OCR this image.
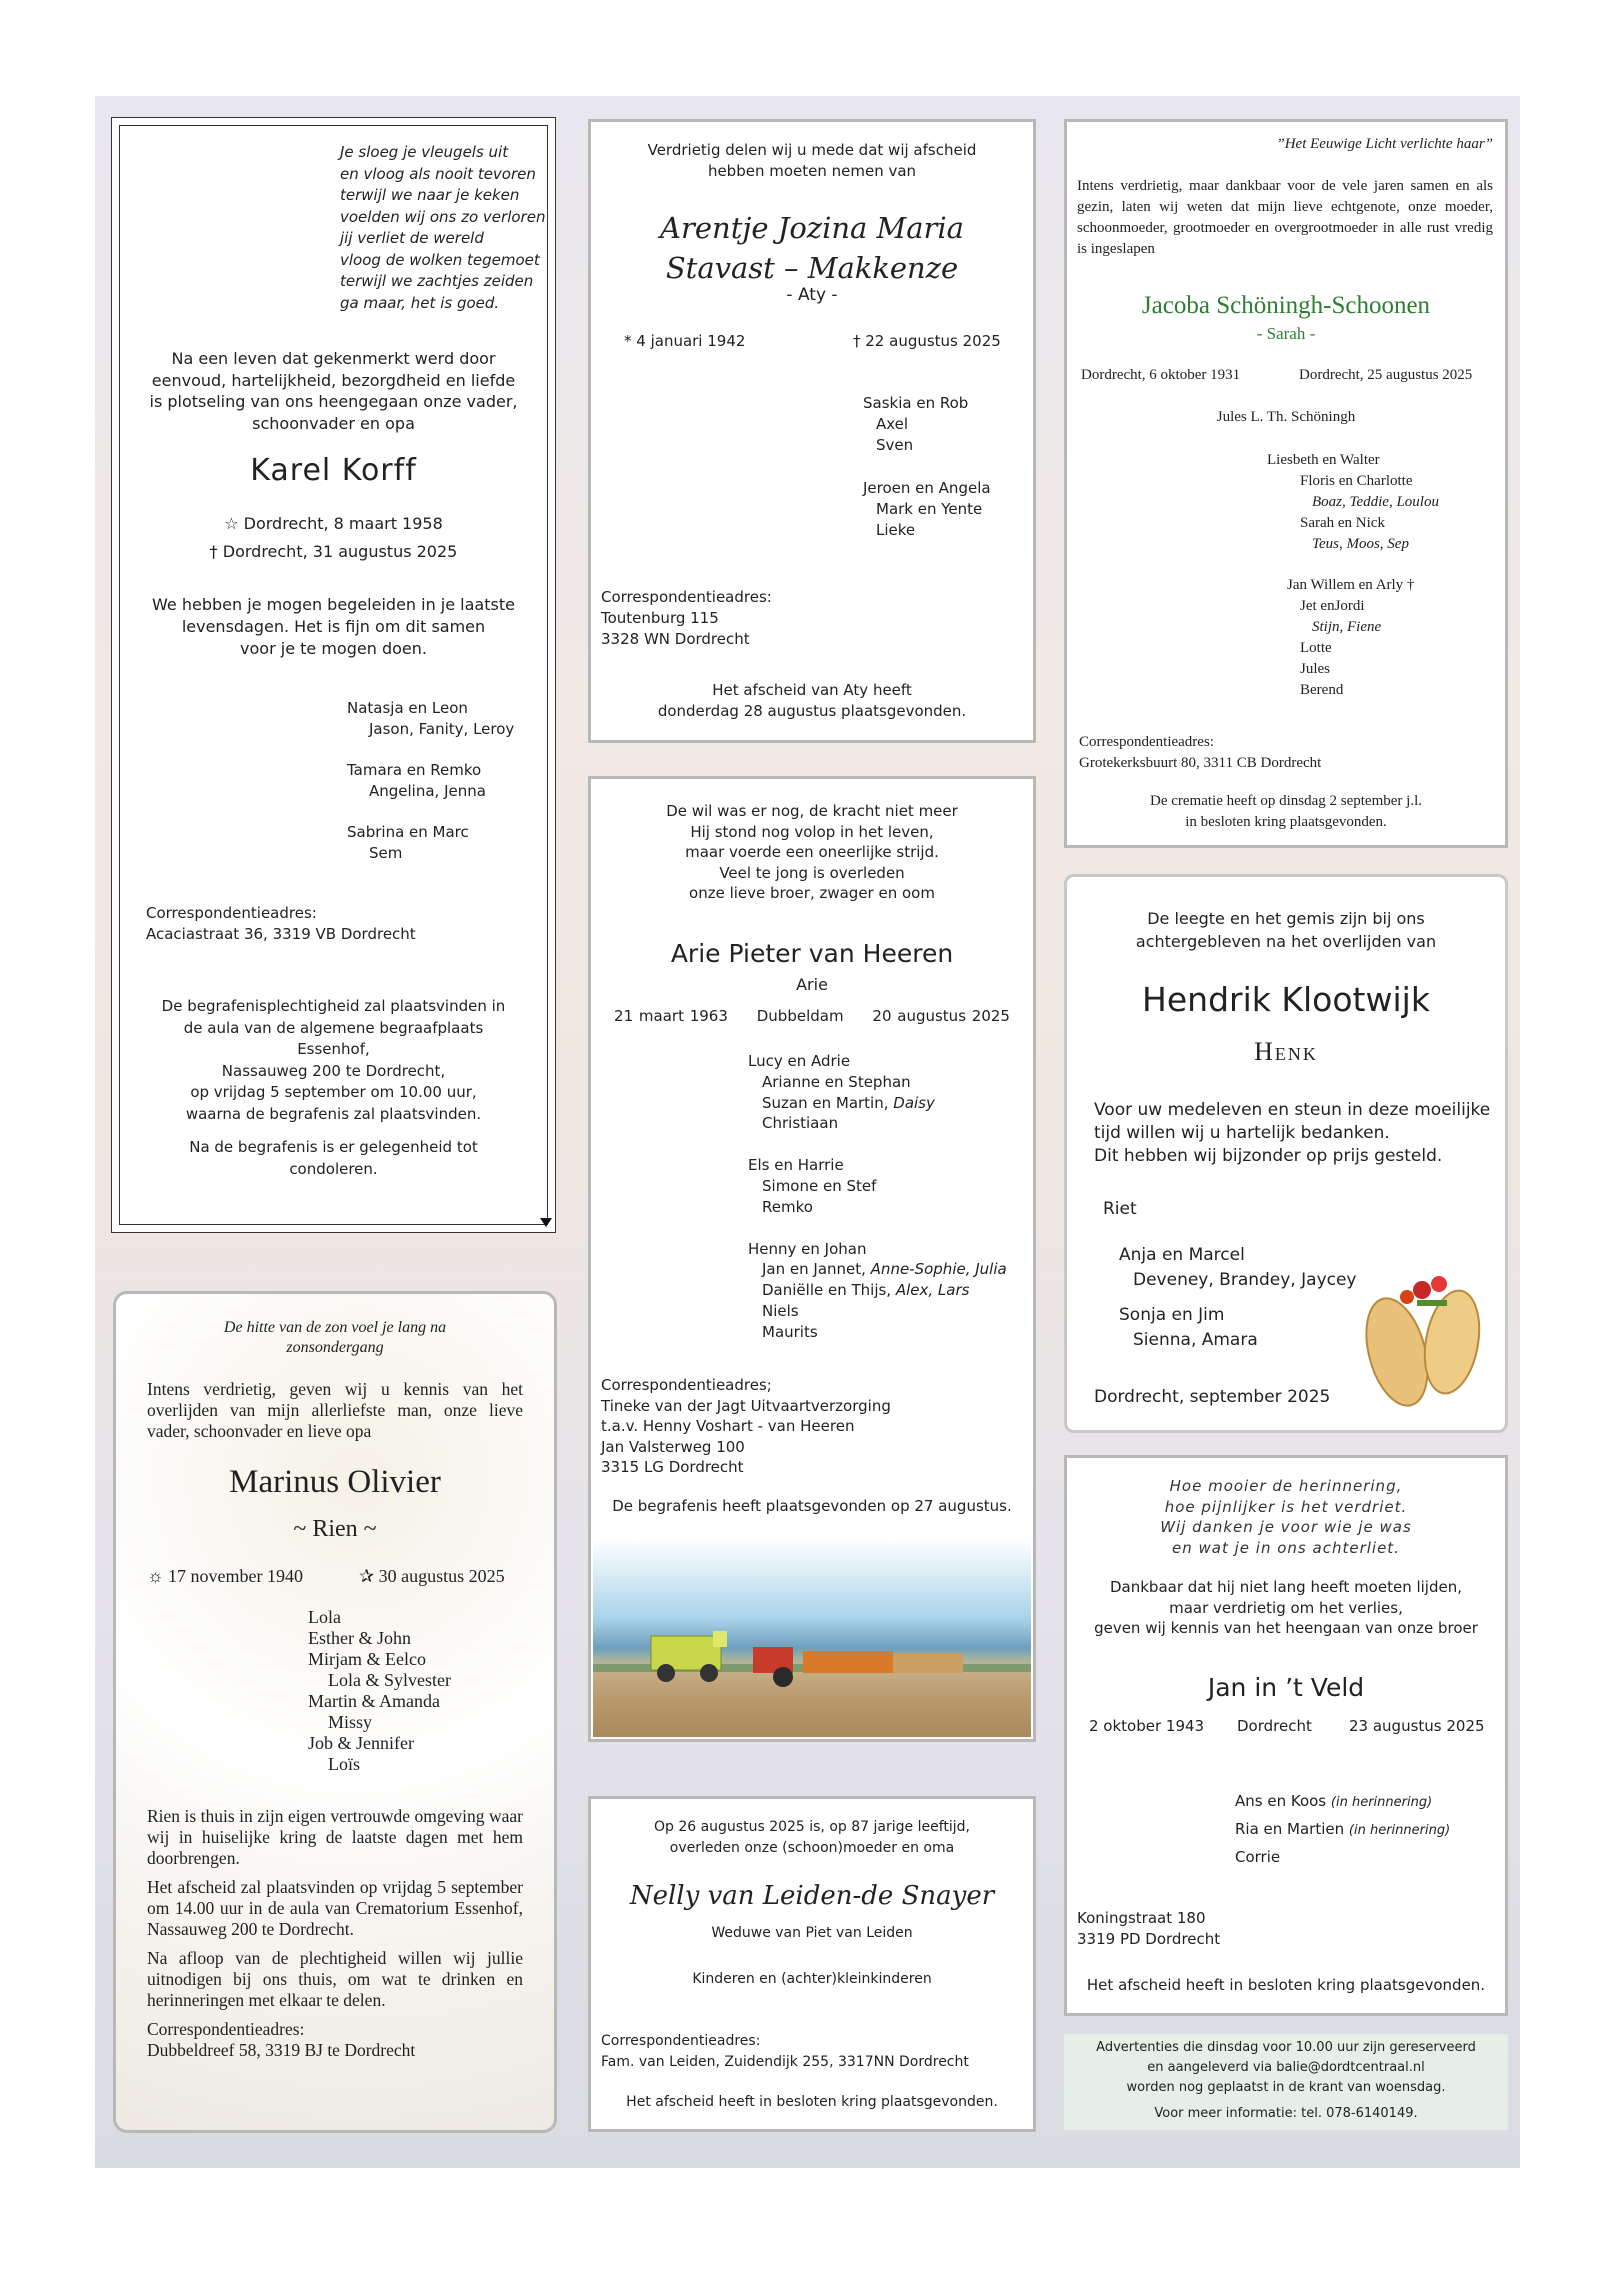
Je sloeg je vleugels uit

en vloog als nooit tevoren

terwijl we naar je keken

voelden wij ons zo verloren

jij verliet de wereld

vloog de wolken tegemoet

terwijl we zachtjes zeiden

ga maar, het is goed.

Na een leven dat gekenmerkt werd door

eenvoud, hartelijkheid, bezorgdheid en liefde

is plotseling van ons heengegaan onze vader,

schoonvader en opa

Karel Korff

☆ Dordrecht, 8 maart 1958

† Dordrecht, 31 augustus 2025

We hebben je mogen begeleiden in je laatste

levensdagen. Het is fijn om dit samen

voor je te mogen doen.

Natasja en Leon

Jason, Fanity, Leroy

Tamara en Remko

Angelina, Jenna

Sabrina en Marc

Sem

Correspondentieadres:

Acaciastraat 36, 3319 VB Dordrecht

De begrafenisplechtigheid zal plaatsvinden in

de aula van de algemene begraafplaats

Essenhof,

Nassauweg 200 te Dordrecht,

op vrijdag 5 september om 10.00 uur,

waarna de begrafenis zal plaatsvinden.

Na de begrafenis is er gelegenheid tot

condoleren.

Verdrietig delen wij u mede dat wij afscheid

hebben moeten nemen van

Arentje Jozina Maria

Stavast – Makkenze

- Aty -
* 4 januari 1942	† 22 augustus 2025

Saskia en Rob

Axel

Sven

Jeroen en Angela

Mark en Yente

Lieke

Correspondentieadres:

Toutenburg 115

3328 WN Dordrecht

Het afscheid van Aty heeft

donderdag 28 augustus plaatsgevonden.

”Het Eeuwige Licht verlichte haar”
Intens verdrietig, maar dankbaar voor de vele jaren samen en als gezin, laten wij weten dat mijn lieve echtgenote, onze moeder, schoonmoeder, grootmoeder en overgrootmoeder in alle rust vredig is ingeslapen
Jacoba Schöningh-Schoonen
- Sarah -
Dordrecht, 6 oktober 1931	Dordrecht, 25 augustus 2025
Jules L. Th. Schöningh

Liesbeth en Walter

Floris en Charlotte

Boaz, Teddie, Loulou

Sarah en Nick

Teus, Moos, Sep

Jan Willem en Arly †

Jet enJordi

Stijn, Fiene

Lotte

Jules

Berend

Correspondentieadres:

Grotekerksbuurt 80, 3311 CB Dordrecht

De crematie heeft op dinsdag 2 september j.l.

in besloten kring plaatsgevonden.

De wil was er nog, de kracht niet meer

Hij stond nog volop in het leven,

maar voerde een oneerlijke strijd.

Veel te jong is overleden

onze lieve broer, zwager en oom

Arie Pieter van Heeren
Arie
21 maart 1963 Dubbeldam 20 augustus 2025

Lucy en Adrie

Arianne en Stephan

Suzan en Martin, Daisy

Christiaan

Els en Harrie

Simone en Stef

Remko

Henny en Johan

Jan en Jannet, Anne-Sophie, Julia

Daniëlle en Thijs, Alex, Lars

Niels

Maurits

Correspondentieadres;

Tineke van der Jagt Uitvaartverzorging

t.a.v. Henny Voshart - van Heeren

Jan Valsterweg 100

3315 LG Dordrecht

De begrafenis heeft plaatsgevonden op 27 augustus.

De leegte en het gemis zijn bij ons

achtergebleven na het overlijden van

Hendrik Klootwijk
Henk

Voor uw medeleven en steun in deze moeilijke

tijd willen wij u hartelijk bedanken.

Dit hebben wij bijzonder op prijs gesteld.

Riet

Anja en Marcel

Deveney, Brandey, Jaycey

Sonja en Jim

Sienna, Amara

Dordrecht, september 2025

De hitte van de zon voel je lang na

zonsondergang

Intens verdrietig, geven wij u kennis van het overlijden van mijn allerliefste man, onze lieve vader, schoonvader en lieve opa
Marinus Olivier
~ Rien ~
☼ 17 november 1940	✰ 30 augustus 2025

Lola

Esther & John

Mirjam & Eelco

Lola & Sylvester

Martin & Amanda

Missy

Job & Jennifer

Loïs

Rien is thuis in zijn eigen vertrouwde omgeving waar wij in huiselijke kring de laatste dagen met hem doorbrengen.

Het afscheid zal plaatsvinden op vrijdag 5 september om 14.00 uur in de aula van Crematorium Essenhof, Nassauweg 200 te Dordrecht.

Na afloop van de plechtigheid willen wij jullie uitnodigen bij ons thuis, om wat te drinken en herinneringen met elkaar te delen.

Correspondentieadres:

Dubbeldreef 58, 3319 BJ te Dordrecht

Op 26 augustus 2025 is, op 87 jarige leeftijd,

overleden onze (schoon)moeder en oma

Nelly van Leiden-de Snayer
Weduwe van Piet van Leiden
Kinderen en (achter)kleinkinderen

Correspondentieadres:

Fam. van Leiden, Zuidendijk 255, 3317NN Dordrecht

Het afscheid heeft in besloten kring plaatsgevonden.

Hoe mooier de herinnering,

hoe pijnlijker is het verdriet.

Wij danken je voor wie je was

en wat je in ons achterliet.

Dankbaar dat hij niet lang heeft moeten lijden,

maar verdrietig om het verlies,

geven wij kennis van het heengaan van onze broer

Jan in ’t Veld
2 oktober 1943 Dordrecht 23 augustus 2025

Ans en Koos (in herinnering)

Ria en Martien (in herinnering)

Corrie

Koningstraat 180

3319 PD Dordrecht

Het afscheid heeft in besloten kring plaatsgevonden.

Advertenties die dinsdag voor 10.00 uur zijn gereserveerd

en aangeleverd via balie@dordtcentraal.nl

worden nog geplaatst in de krant van woensdag.

Voor meer informatie: tel. 078-6140149.
